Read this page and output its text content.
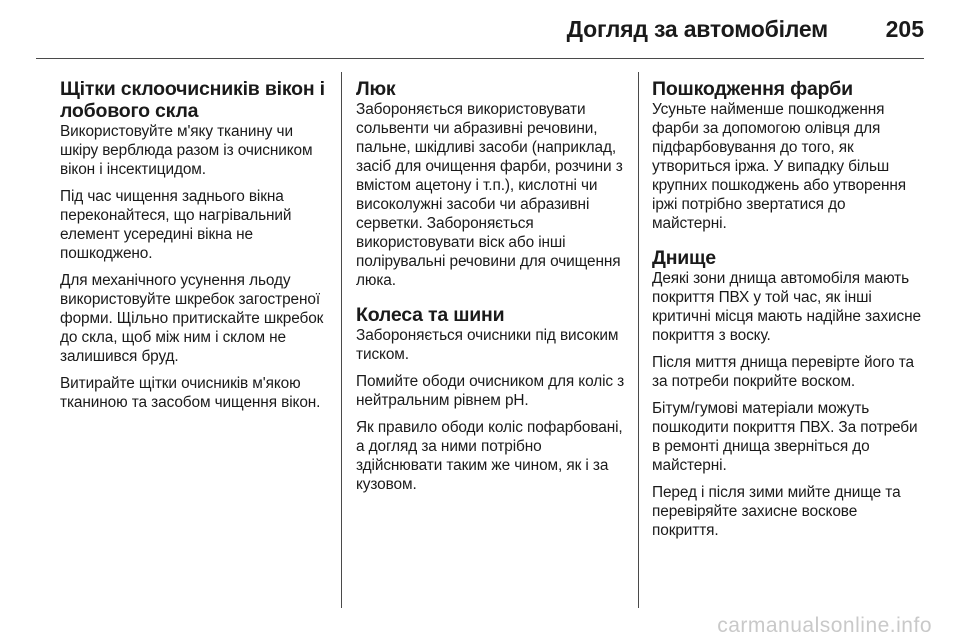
Догляд за автомобілем	205
Щітки склоочисників вікон і лобового скла

Використовуйте м'яку тканину чи шкіру верблюда разом із очисником вікон і інсектицидом.

Під час чищення заднього вікна переконайтеся, що нагрівальний елемент усередині вікна не пошкоджено.

Для механічного усунення льоду використовуйте шкребок загостреної форми. Щільно притискайте шкребок до скла, щоб між ним і склом не залишився бруд.

Витирайте щітки очисників м'якою тканиною та засобом чищення вікон.

Люк

Забороняється використовувати сольвенти чи абразивні речовини, пальне, шкідливі засоби (наприклад, засіб для очищення фарби, розчини з вмістом ацетону і т.п.), кислотні чи високолужні засоби чи абразивні серветки. Забороняється використовувати віск або інші полірувальні речовини для очищення люка.

Колеса та шини

Забороняється очисники під високим тиском.

Помийте ободи очисником для коліс з нейтральним рівнем pH.

Як правило ободи коліс пофарбовані, а догляд за ними потрібно здійснювати таким же чином, як і за кузовом.

Пошкодження фарби

Усуньте найменше пошкодження фарби за допомогою олівця для підфарбовування до того, як утвориться іржа. У випадку більш крупних пошкоджень або утворення іржі потрібно звертатися до майстерні.

Днище

Деякі зони днища автомобіля мають покриття ПВХ у той час, як інші критичні місця мають надійне захисне покриття з воску.

Після миття днища перевірте його та за потреби покрийте воском.

Бітум/гумові матеріали можуть пошкодити покриття ПВХ. За потреби в ремонті днища зверніться до майстерні.

Перед і після зими мийте днище та перевіряйте захисне воскове покриття.

carmanualsonline.info
